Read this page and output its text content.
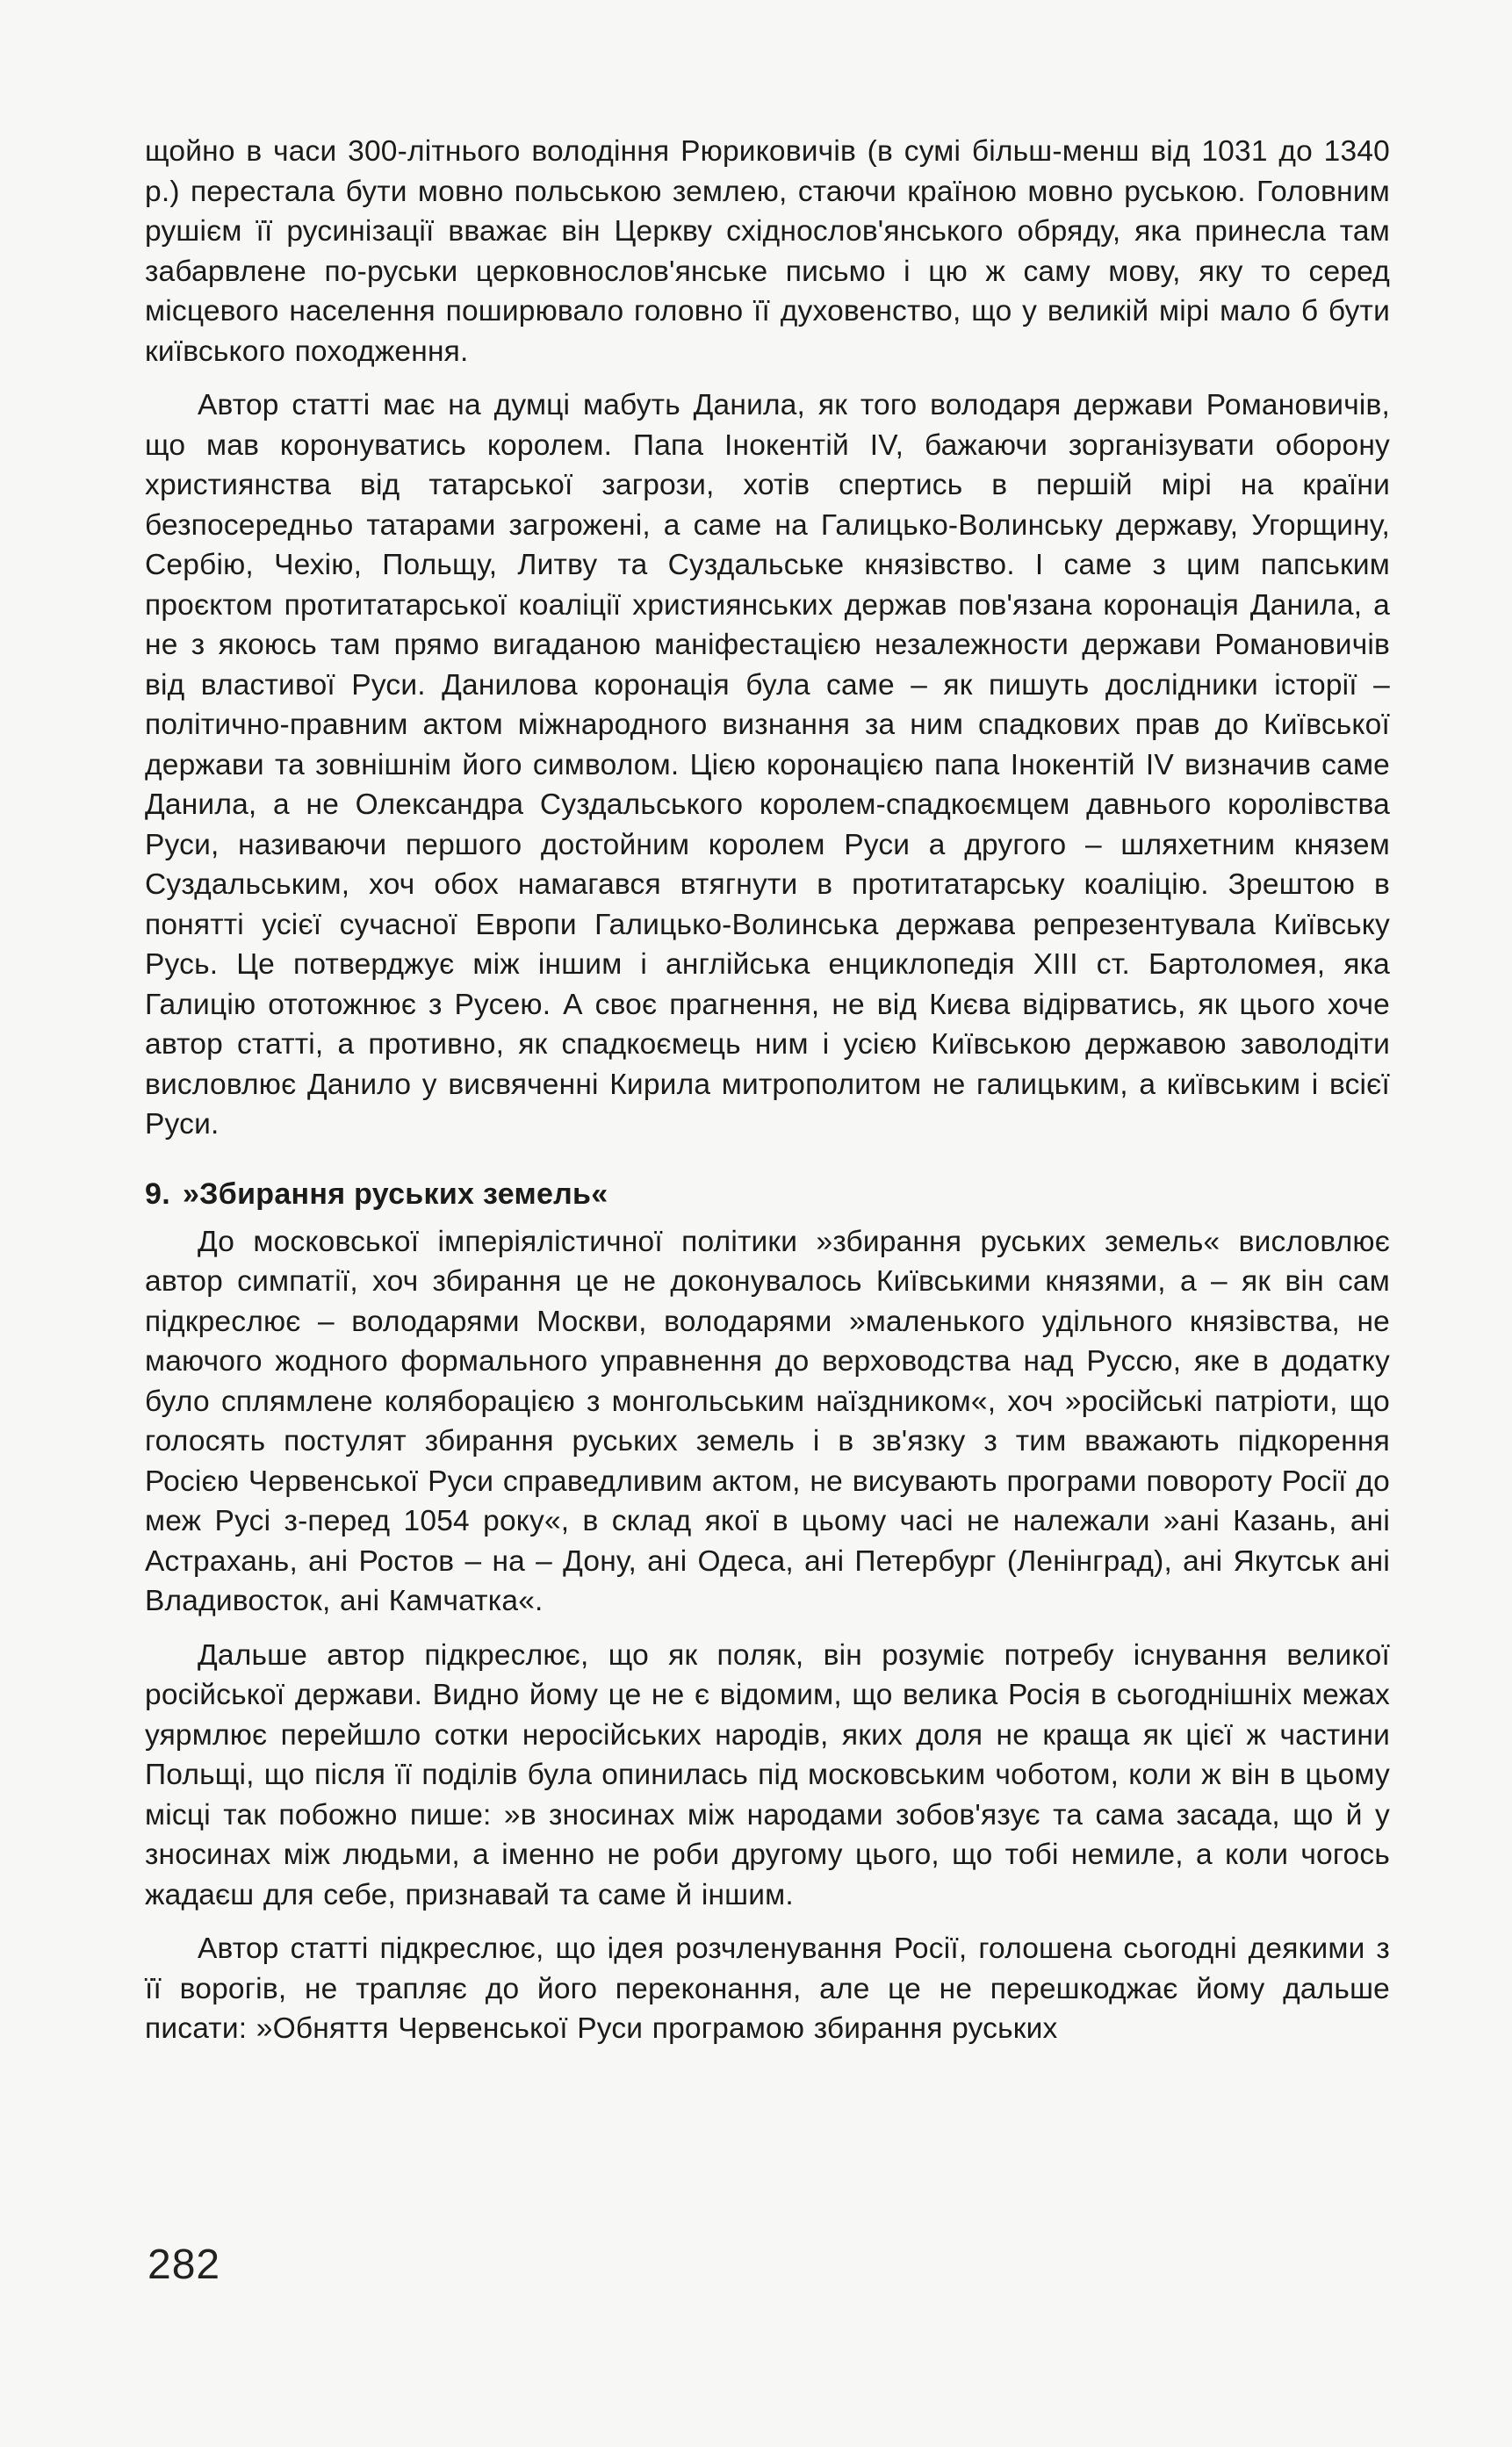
щойно в часи 300-літнього володіння Рюриковичів (в сумі більш-менш від 1031 до 1340 р.) перестала бути мовно польською землею, стаючи країною мовно руською. Головним рушієм її русинізації вважає він Церкву східнослов'янського обряду, яка принесла там забарвлене по-руськи церковнослов'янське письмо і цю ж саму мову, яку то серед місцевого населення поширювало головно її духовенство, що у великій мірі мало б бути київського походження.

Автор статті має на думці мабуть Данила, як того володаря держави Романовичів, що мав коронуватись королем. Папа Інокентій IV, бажаючи зорганізувати оборону християнства від татарської загрози, хотів спертись в першій мірі на країни безпосередньо татарами загрожені, а саме на Галицько-Волинську державу, Угорщину, Сербію, Чехію, Польщу, Литву та Суздальське князівство. І саме з цим папським проєктом протитатарської коаліції християнських держав пов'язана коронація Данила, а не з якоюсь там прямо вигаданою маніфестацією незалежности держави Романовичів від властивої Руси. Данилова коронація була саме – як пишуть дослідники історії – політично-правним актом міжнародного визнання за ним спадкових прав до Київської держави та зовнішнім його символом. Цією коронацією папа Інокентій IV визначив саме Данила, а не Олександра Суздальського королем-спадкоємцем давнього королівства Руси, називаючи першого достойним королем Руси а другого – шляхетним князем Суздальським, хоч обох намагався втягнути в протитатарську коаліцію. Зрештою в понятті усієї сучасної Европи Галицько-Волинська держава репрезентувала Київську Русь. Це потверджує між іншим і англійська енциклопедія XIII ст. Бартоломея, яка Галицію ототожнює з Русею. А своє прагнення, не від Києва відірватись, як цього хоче автор статті, а противно, як спадкоємець ним і усією Київською державою заволодіти висловлює Данило у висвяченні Кирила митрополитом не галицьким, а київським і всієї Руси.

9. »Збирання руських земель«

До московської імперіялістичної політики »збирання руських земель« висловлює автор симпатії, хоч збирання це не доконувалось Київськими князями, а – як він сам підкреслює – володарями Москви, володарями »маленького удільного князівства, не маючого жодного формального управнення до верховодства над Руссю, яке в додатку було сплямлене коляборацією з монгольським наїздником«, хоч »російські патріоти, що голосять постулят збирання руських земель і в зв'язку з тим вважають підкорення Росією Червенської Руси справедливим актом, не висувають програми повороту Росії до меж Русі з-перед 1054 року«, в склад якої в цьому часі не належали »ані Казань, ані Астрахань, ані Ростов – на – Дону, ані Одеса, ані Петербург (Ленінград), ані Якутськ ані Владивосток, ані Камчатка«.

Дальше автор підкреслює, що як поляк, він розуміє потребу існування великої російської держави. Видно йому це не є відомим, що велика Росія в сьогоднішніх межах уярмлює перейшло сотки неросійських народів, яких доля не краща як цієї ж частини Польщі, що після її поділів була опинилась під московським чоботом, коли ж він в цьому місці так побожно пише: »в зносинах між народами зобов'язує та сама засада, що й у зносинах між людьми, а іменно не роби другому цього, що тобі немиле, а коли чогось жадаєш для себе, признавай та саме й іншим.

Автор статті підкреслює, що ідея розчленування Росії, голошена сьогодні деякими з її ворогів, не трапляє до його переконання, але це не перешкоджає йому дальше писати: »Обняття Червенської Руси програмою збирання руських

282
